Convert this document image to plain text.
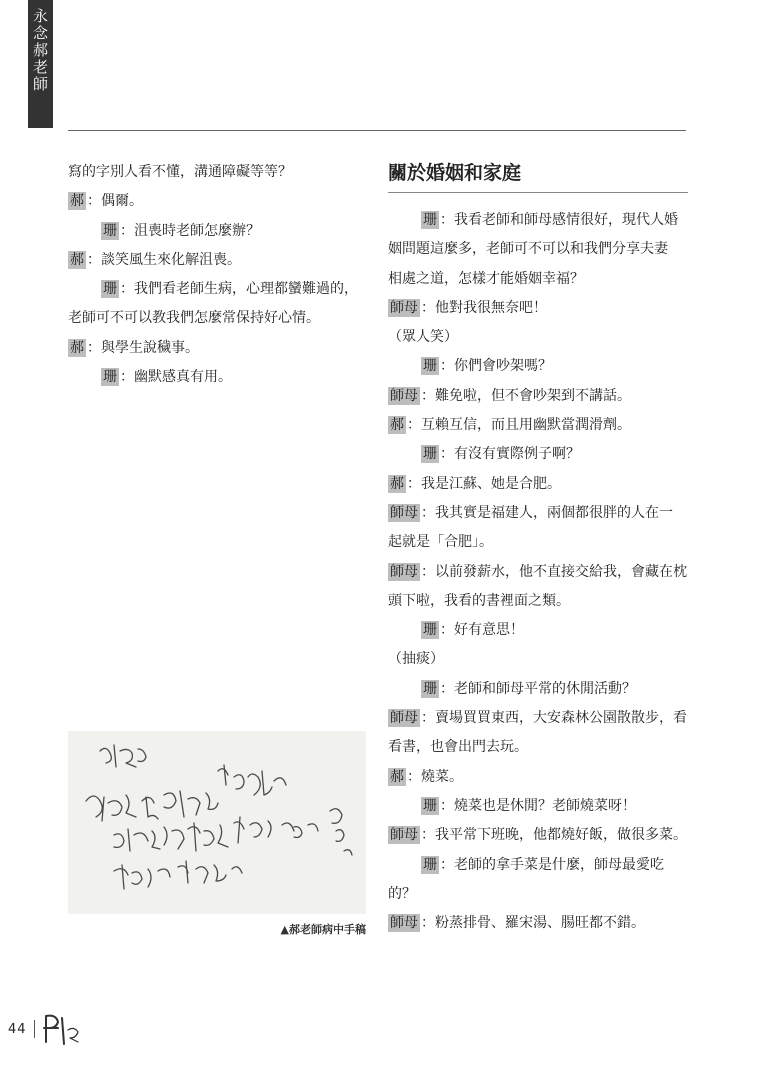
永念郝老師
寫的字別人看不懂，溝通障礙等等？
郝 ：偶爾。
珊 ：沮喪時老師怎麼辦？
郝 ：談笑風生來化解沮喪。
珊 ：我們看老師生病，心理都蠻難過的，
老師可不可以教我們怎麼常保持好心情。
郝 ：與學生說穢事。
珊 ：幽默感真有用。
關於婚姻和家庭
珊 ：我看老師和師母感情很好，現代人婚
姻問題這麼多，老師可不可以和我們分享夫妻
相處之道，怎樣才能婚姻幸福？
師母 ：他對我很無奈吧！
（眾人笑）
珊 ：你們會吵架嗎？
師母 ：難免啦，但不會吵架到不講話。
郝 ：互賴互信，而且用幽默當潤滑劑。
珊 ：有沒有實際例子啊？
郝 ：我是江蘇、她是合肥。
師母 ：我其實是福建人，兩個都很胖的人在一
起就是「合肥」。
師母 ：以前發薪水，他不直接交給我，會藏在枕
頭下啦，我看的書裡面之類。
珊 ：好有意思！
（抽痰）
珊 ：老師和師母平常的休閒活動？
師母 ：賣場買買東西，大安森林公園散散步，看
看書，也會出門去玩。
郝 ：燒菜。
珊 ：燒菜也是休閒？老師燒菜呀！
師母 ：我平常下班晚，他都燒好飯，做很多菜。
珊 ：老師的拿手菜是什麼，師母最愛吃
的？
師母 ：粉蒸排骨、羅宋湯、腸旺都不錯。
▲郝老師病中手稿
44
